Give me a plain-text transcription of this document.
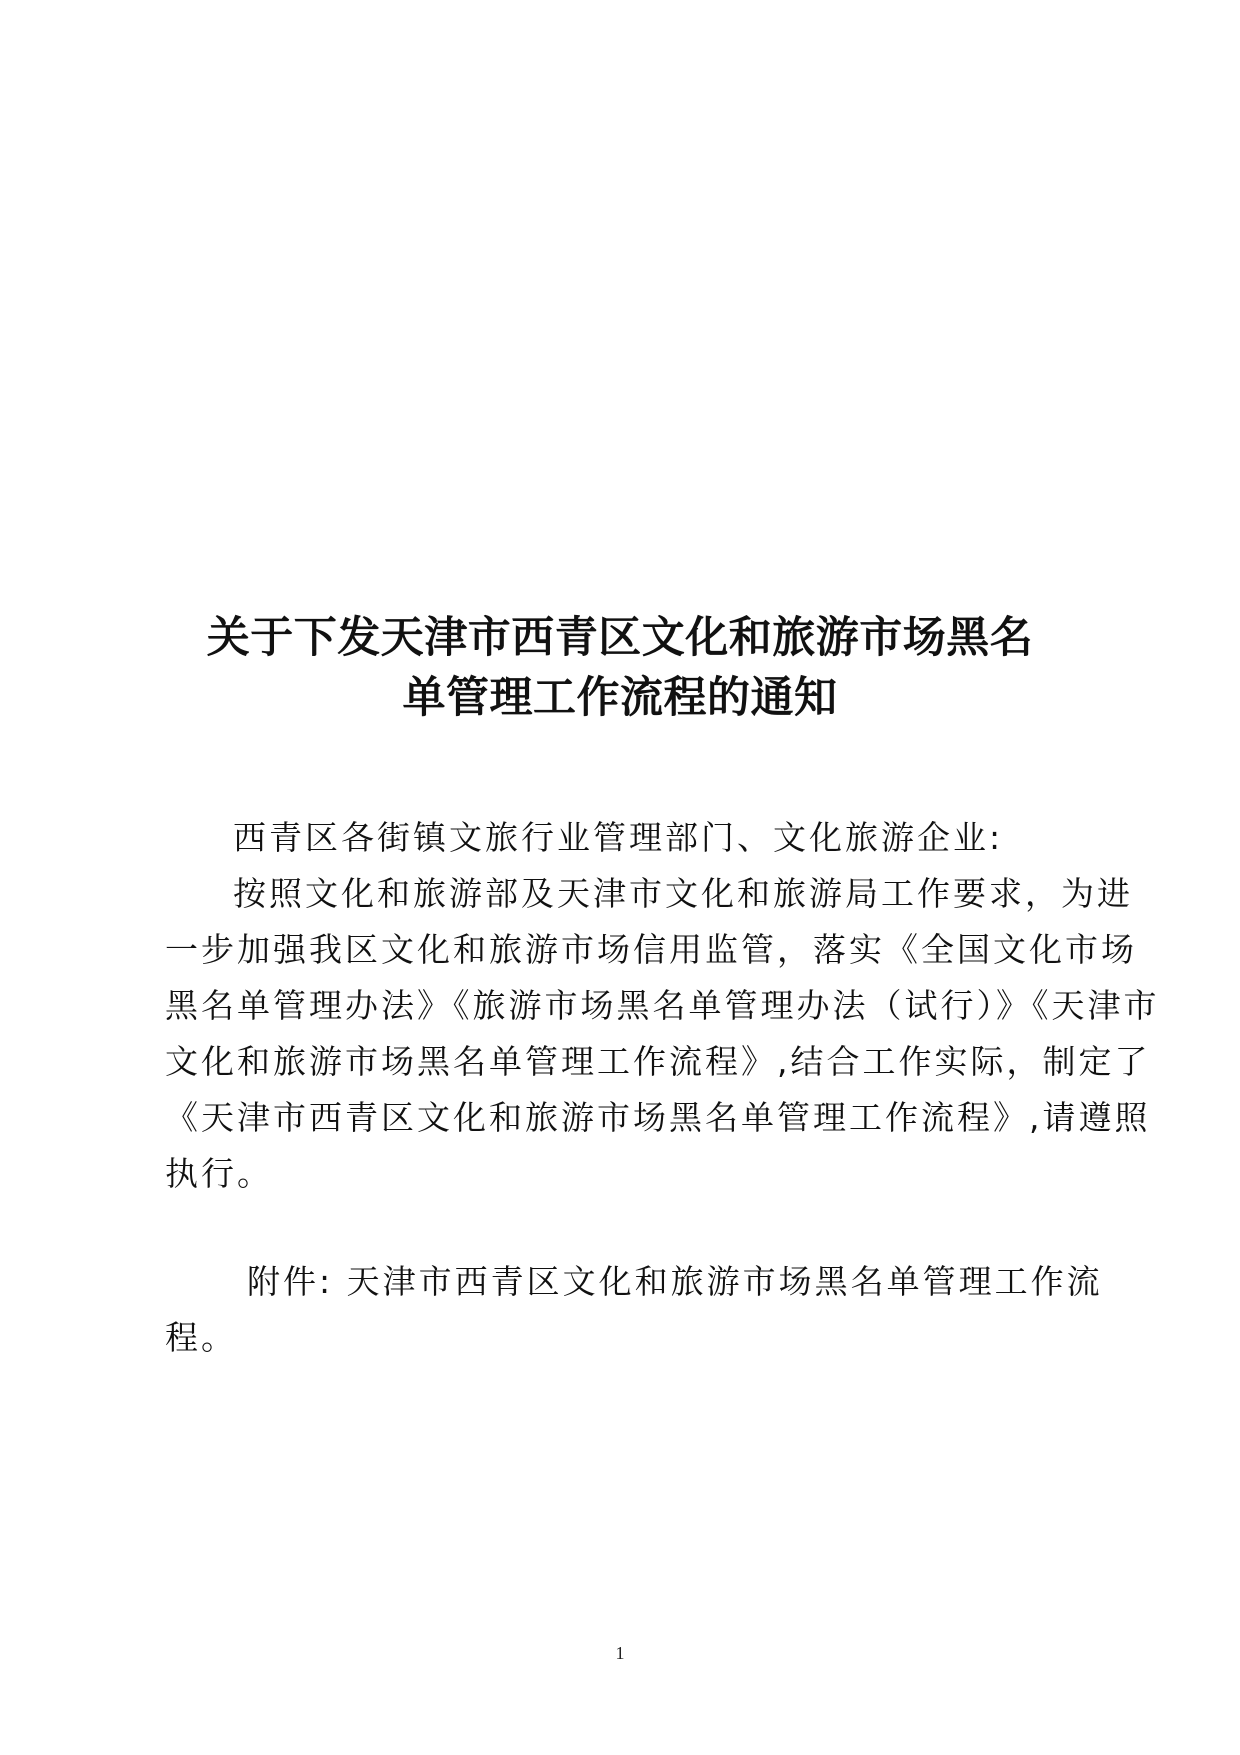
关于下发天津市西青区文化和旅游市场黑名
单管理工作流程的通知
西青区各街镇文旅行业管理部门、文化旅游企业:
按照文化和旅游部及天津市文化和旅游局工作要求，为进
一步加强我区文化和旅游市场信用监管，落实《全国文化市场
黑名单管理办法》《旅游市场黑名单管理办法（试行）》《天津市
文化和旅游市场黑名单管理工作流程》,结合工作实际，制定了
《天津市西青区文化和旅游市场黑名单管理工作流程》,请遵照
执行。
附件: 天津市西青区文化和旅游市场黑名单管理工作流
程。
1
